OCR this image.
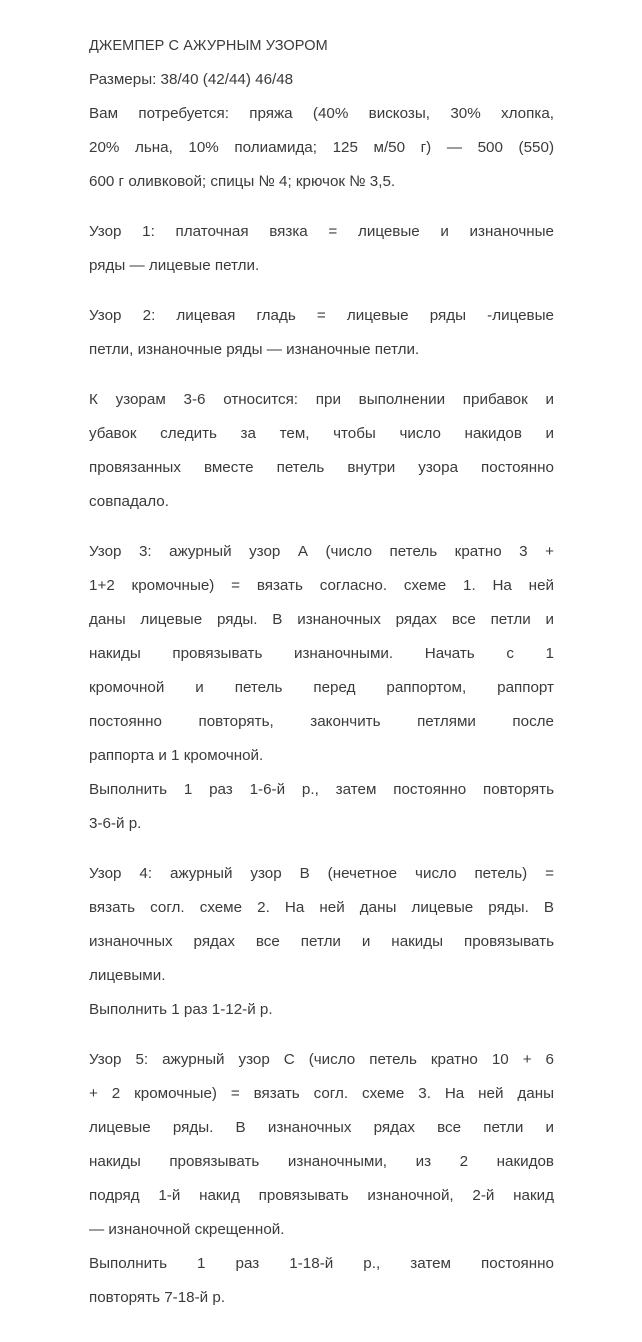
ДЖЕМПЕР С АЖУРНЫМ УЗОРОМ

Размеры: 38/40 (42/44) 46/48

Вам потребуется: пряжа (40% вискозы, 30% хлопка,

20% льна, 10% полиамида; 125 м/50 г) — 500 (550)

600 г оливковой; спицы № 4; крючок № 3,5.

Узор 1: платочная вязка = лицевые и изнаночные

ряды — лицевые петли.

Узор 2: лицевая гладь = лицевые ряды -лицевые

петли, изнаночные ряды — изнаночные петли.

К узорам 3-6 относится: при выполнении прибавок и

убавок следить за тем, чтобы число накидов и

провязанных вместе петель внутри узора постоянно

совпадало.

Узор 3: ажурный узор А (число петель кратно 3 +

1+2 кромочные) = вязать согласно. схеме 1. На ней

даны лицевые ряды. В изнаночных рядах все петли и

накиды провязывать изнаночными. Начать с 1

кромочной и петель перед раппортом, раппорт

постоянно повторять, закончить петлями после

раппорта и 1 кромочной.

Выполнить 1 раз 1-6-й р., затем постоянно повторять

3-6-й р.

Узор 4: ажурный узор В (нечетное число петель) =

вязать согл. схеме 2. На ней даны лицевые ряды. В

изнаночных рядах все петли и накиды провязывать

лицевыми.

Выполнить 1 раз 1-12-й р.

Узор 5: ажурный узор С (число петель кратно 10 + 6

+ 2 кромочные) = вязать согл. схеме 3. На ней даны

лицевые ряды. В изнаночных рядах все петли и

накиды провязывать изнаночными, из 2 накидов

подряд 1-й накид провязывать изнаночной, 2-й накид

— изнаночной скрещенной.

Выполнить 1 раз 1-18-й р., затем постоянно

повторять 7-18-й р.
